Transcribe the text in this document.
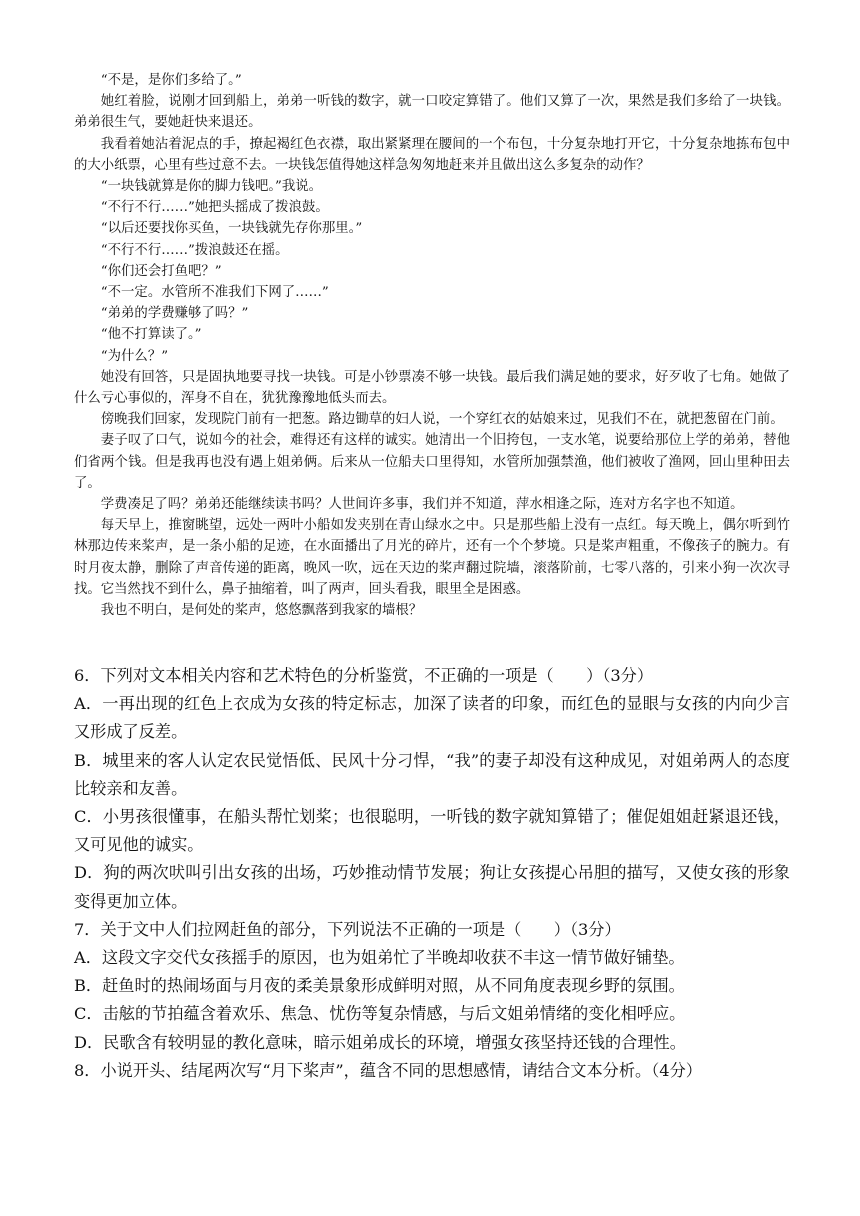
“不是，是你们多给了。”

她红着脸，说刚才回到船上，弟弟一听钱的数字，就一口咬定算错了。他们又算了一次，果然是我们多给了一块钱。弟弟很生气，要她赶快来退还。

我看着她沾着泥点的手，撩起褐红色衣襟，取出紧紧理在腰间的一个布包，十分复杂地打开它，十分复杂地拣布包中的大小纸票，心里有些过意不去。一块钱怎值得她这样急匆匆地赶来并且做出这么多复杂的动作？

“一块钱就算是你的脚力钱吧。”我说。

“不行不行……”她把头摇成了拨浪鼓。

“以后还要找你买鱼，一块钱就先存你那里。”

“不行不行……”拨浪鼓还在摇。

“你们还会打鱼吧？”

“不一定。水管所不准我们下网了……”

“弟弟的学费赚够了吗？”

“他不打算读了。”

“为什么？”

她没有回答，只是固执地要寻找一块钱。可是小钞票凑不够一块钱。最后我们满足她的要求，好歹收了七角。她做了什么亏心事似的，浑身不自在，犹犹豫豫地低头而去。

傍晚我们回家，发现院门前有一把葱。路边锄草的妇人说，一个穿红衣的姑娘来过，见我们不在，就把葱留在门前。

妻子叹了口气，说如今的社会，难得还有这样的诚实。她清出一个旧挎包，一支水笔，说要给那位上学的弟弟，替他们省两个钱。但是我再也没有遇上姐弟俩。后来从一位船夫口里得知，水管所加强禁渔，他们被收了渔网，回山里种田去了。

学费凑足了吗？弟弟还能继续读书吗？人世间许多事，我们并不知道，萍水相逢之际，连对方名字也不知道。

每天早上，推窗眺望，远处一两叶小船如发夹别在青山绿水之中。只是那些船上没有一点红。每天晚上，偶尔听到竹林那边传来桨声，是一条小船的足迹，在水面播出了月光的碎片，还有一个个梦境。只是桨声粗重，不像孩子的腕力。有时月夜太静，删除了声音传递的距离，晚风一吹，远在天边的桨声翻过院墙，滚落阶前，七零八落的，引来小狗一次次寻找。它当然找不到什么，鼻子抽缩着，叫了两声，回头看我，眼里全是困惑。

我也不明白，是何处的桨声，悠悠飘落到我家的墙根？

6．下列对文本相关内容和艺术特色的分析鉴赏，不正确的一项是（　　）（3分）

A．一再出现的红色上衣成为女孩的特定标志，加深了读者的印象，而红色的显眼与女孩的内向少言又形成了反差。

B．城里来的客人认定农民觉悟低、民风十分刁悍，“我”的妻子却没有这种成见，对姐弟两人的态度比较亲和友善。

C．小男孩很懂事，在船头帮忙划桨；也很聪明，一听钱的数字就知算错了；催促姐姐赶紧退还钱，又可见他的诚实。

D．狗的两次吠叫引出女孩的出场，巧妙推动情节发展；狗让女孩提心吊胆的描写，又使女孩的形象变得更加立体。

7．关于文中人们拉网赶鱼的部分，下列说法不正确的一项是（　　）（3分）

A．这段文字交代女孩摇手的原因，也为姐弟忙了半晚却收获不丰这一情节做好铺垫。

B．赶鱼时的热闹场面与月夜的柔美景象形成鲜明对照，从不同角度表现乡野的氛围。

C．击舷的节拍蕴含着欢乐、焦急、忧伤等复杂情感，与后文姐弟情绪的变化相呼应。

D．民歌含有较明显的教化意味，暗示姐弟成长的环境，增强女孩坚持还钱的合理性。

8．小说开头、结尾两次写“月下桨声”，蕴含不同的思想感情，请结合文本分析。（4分）
